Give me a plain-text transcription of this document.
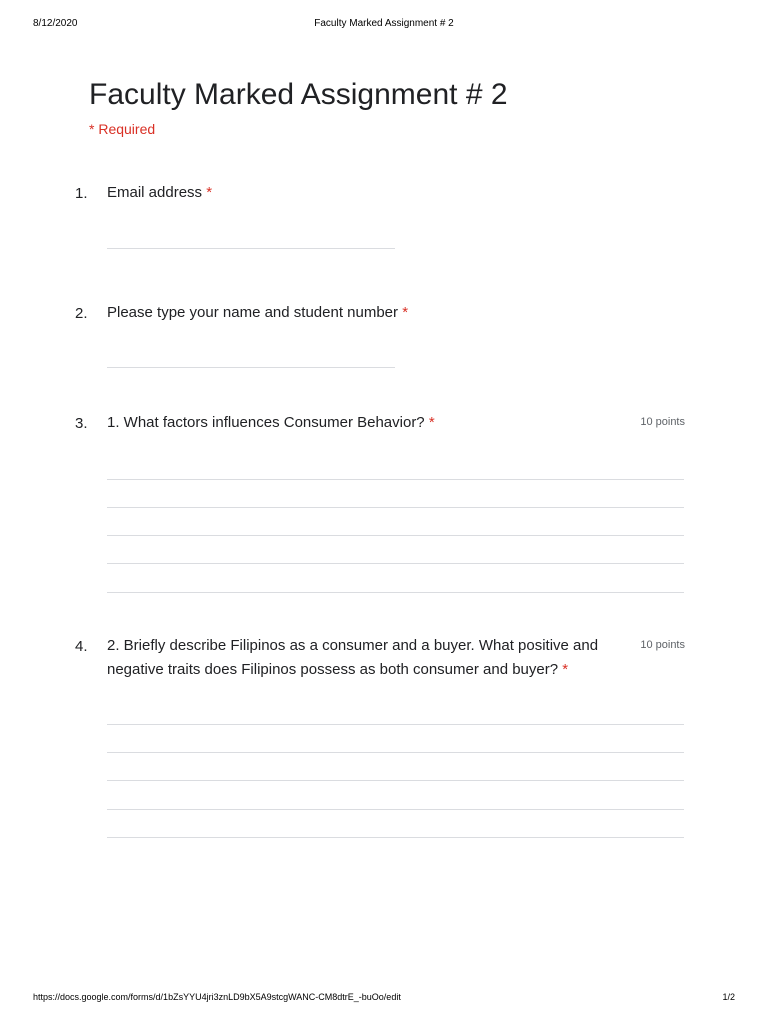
8/12/2020	Faculty Marked Assignment # 2
Faculty Marked Assignment # 2
* Required
1. Email address *
2. Please type your name and student number *
3. 1. What factors influences Consumer Behavior? *	10 points
4. 2. Briefly describe Filipinos as a consumer and a buyer. What positive and
negative traits does Filipinos possess as both consumer and buyer? *
10 points
https://docs.google.com/forms/d/1bZsYYU4jri3znLD9bX5A9stcgWANC-CM8dtrE_-buOo/edit	1/2
